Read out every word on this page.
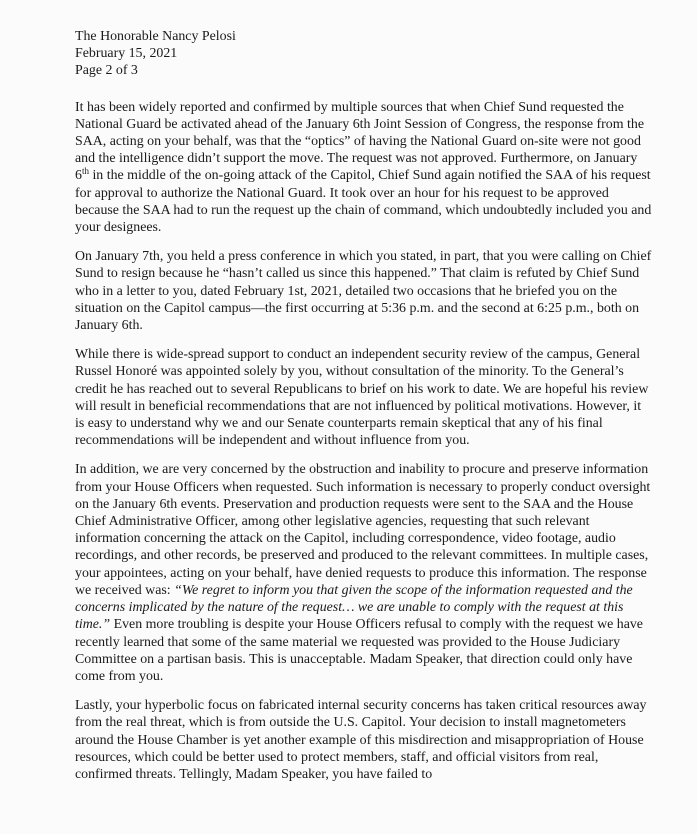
The Honorable Nancy Pelosi

February 15, 2021

Page 2 of 3

It has been widely reported and confirmed by multiple sources that when Chief Sund requested the National Guard be activated ahead of the January 6th Joint Session of Congress, the response from the SAA, acting on your behalf, was that the “optics” of having the National Guard on-site were not good and the intelligence didn’t support the move. The request was not approved. Furthermore, on January 6th in the middle of the on-going attack of the Capitol, Chief Sund again notified the SAA of his request for approval to authorize the National Guard. It took over an hour for his request to be approved because the SAA had to run the request up the chain of command, which undoubtedly included you and your designees.

On January 7th, you held a press conference in which you stated, in part, that you were calling on Chief Sund to resign because he “hasn’t called us since this happened.” That claim is refuted by Chief Sund who in a letter to you, dated February 1st, 2021, detailed two occasions that he briefed you on the situation on the Capitol campus—the first occurring at 5:36 p.m. and the second at 6:25 p.m., both on January 6th.

While there is wide-spread support to conduct an independent security review of the campus, General Russel Honoré was appointed solely by you, without consultation of the minority. To the General’s credit he has reached out to several Republicans to brief on his work to date. We are hopeful his review will result in beneficial recommendations that are not influenced by political motivations. However, it is easy to understand why we and our Senate counterparts remain skeptical that any of his final recommendations will be independent and without influence from you.

In addition, we are very concerned by the obstruction and inability to procure and preserve information from your House Officers when requested. Such information is necessary to properly conduct oversight on the January 6th events. Preservation and production requests were sent to the SAA and the House Chief Administrative Officer, among other legislative agencies, requesting that such relevant information concerning the attack on the Capitol, including correspondence, video footage, audio recordings, and other records, be preserved and produced to the relevant committees. In multiple cases, your appointees, acting on your behalf, have denied requests to produce this information. The response we received was: “We regret to inform you that given the scope of the information requested and the concerns implicated by the nature of the request… we are unable to comply with the request at this time.” Even more troubling is despite your House Officers refusal to comply with the request we have recently learned that some of the same material we requested was provided to the House Judiciary Committee on a partisan basis. This is unacceptable. Madam Speaker, that direction could only have come from you.

Lastly, your hyperbolic focus on fabricated internal security concerns has taken critical resources away from the real threat, which is from outside the U.S. Capitol. Your decision to install magnetometers around the House Chamber is yet another example of this misdirection and misappropriation of House resources, which could be better used to protect members, staff, and official visitors from real, confirmed threats. Tellingly, Madam Speaker, you have failed to
